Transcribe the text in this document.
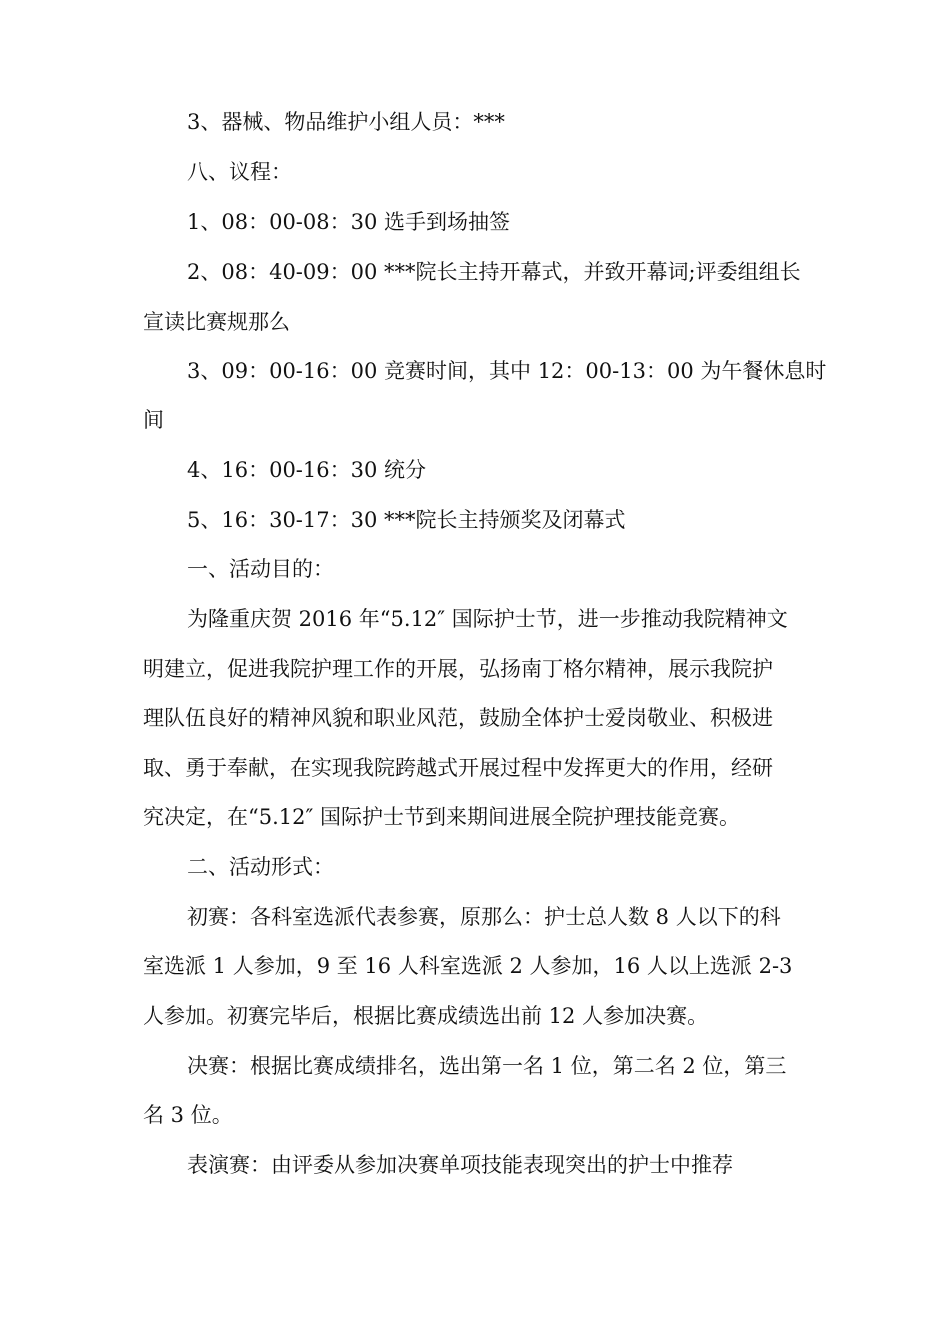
3、器械、物品维护小组人员：***

八、议程：

1、08：00-08：30 选手到场抽签

2、08：40-09：00 ***院长主持开幕式，并致开幕词;评委组组长

宣读比赛规那么

3、09：00-16：00 竞赛时间，其中 12：00-13：00 为午餐休息时

间

4、16：00-16：30 统分

5、16：30-17：30 ***院长主持颁奖及闭幕式

一、活动目的：

为隆重庆贺 2016 年“5.12″ 国际护士节，进一步推动我院精神文

明建立，促进我院护理工作的开展，弘扬南丁格尔精神，展示我院护

理队伍良好的精神风貌和职业风范，鼓励全体护士爱岗敬业、积极进

取、勇于奉献，在实现我院跨越式开展过程中发挥更大的作用，经研

究决定，在“5.12″ 国际护士节到来期间进展全院护理技能竞赛。

二、活动形式：

初赛：各科室选派代表参赛，原那么：护士总人数 8 人以下的科

室选派 1 人参加，9 至 16 人科室选派 2 人参加，16 人以上选派 2-3

人参加。初赛完毕后，根据比赛成绩选出前 12 人参加决赛。

决赛：根据比赛成绩排名，选出第一名 1 位，第二名 2 位，第三

名 3 位。

表演赛：由评委从参加决赛单项技能表现突出的护士中推荐
